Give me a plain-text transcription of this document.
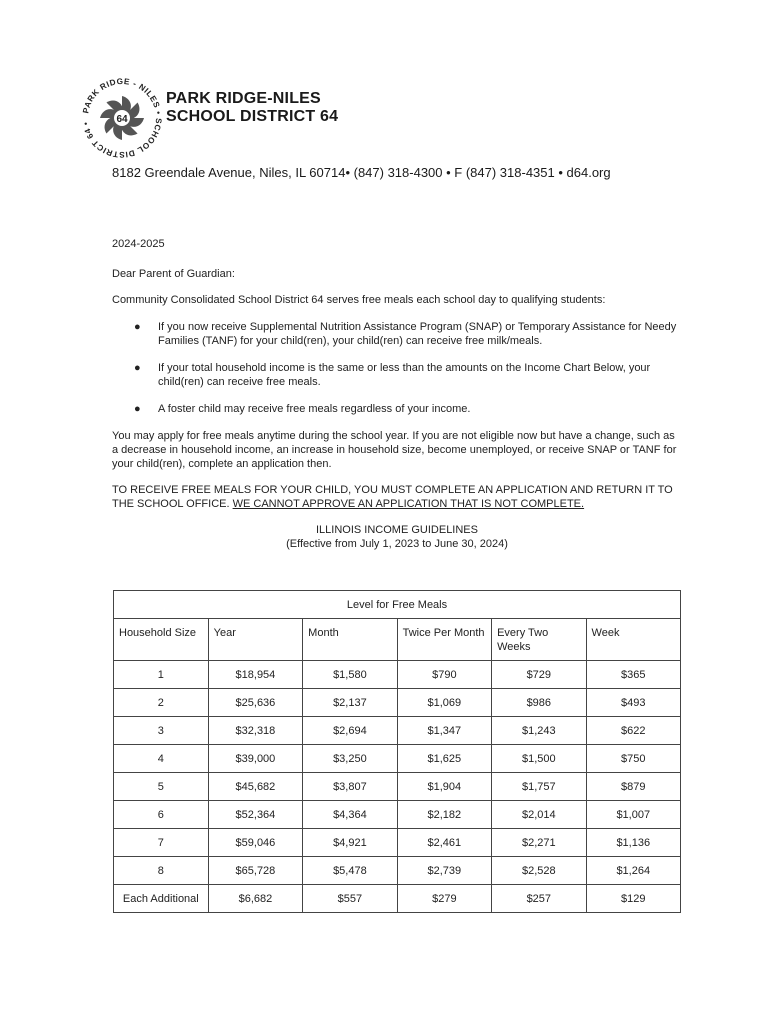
PARK RIDGE - NILES • SCHOOL DISTRICT 64 •	64
PARK RIDGE-NILES
SCHOOL DISTRICT 64
8182 Greendale Avenue, Niles, IL 60714• (847) 318-4300 • F (847) 318-4351 • d64.org
2024-2025
Dear Parent of Guardian:
Community Consolidated School District 64 serves free meals each school day to qualifying students:
● If you now receive Supplemental Nutrition Assistance Program (SNAP) or Temporary Assistance for Needy Families (TANF) for your child(ren), your child(ren) can receive free milk/meals.
● If your total household income is the same or less than the amounts on the Income Chart Below, your child(ren) can receive free meals.
● A foster child may receive free meals regardless of your income.
You may apply for free meals anytime during the school year. If you are not eligible now but have a change, such as a decrease in household income, an increase in household size, become unemployed, or receive SNAP or TANF for your child(ren), complete an application then.
TO RECEIVE FREE MEALS FOR YOUR CHILD, YOU MUST COMPLETE AN APPLICATION AND RETURN IT TO THE SCHOOL OFFICE. WE CANNOT APPROVE AN APPLICATION THAT IS NOT COMPLETE.
ILLINOIS INCOME GUIDELINES
(Effective from July 1, 2023 to June 30, 2024)
Level for Free Meals					
Household Size	Year	Month	Twice Per Month	Every Two Weeks	Week
1	$18,954	$1,580	$790	$729	$365
2	$25,636	$2,137	$1,069	$986	$493
3	$32,318	$2,694	$1,347	$1,243	$622
4	$39,000	$3,250	$1,625	$1,500	$750
5	$45,682	$3,807	$1,904	$1,757	$879
6	$52,364	$4,364	$2,182	$2,014	$1,007
7	$59,046	$4,921	$2,461	$2,271	$1,136
8	$65,728	$5,478	$2,739	$2,528	$1,264
Each Additional	$6,682	$557	$279	$257	$129
